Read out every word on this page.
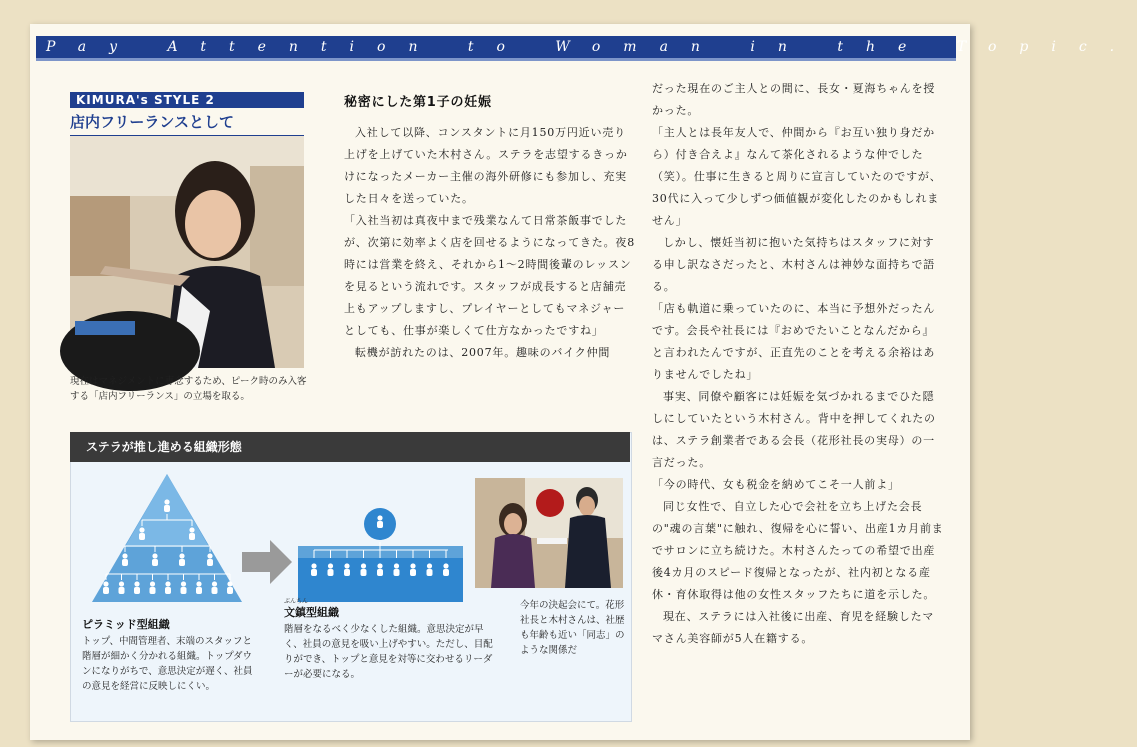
Pay Attention to Woman in the Topic.
KIMURA's STYLE 2
店内フリーランスとして
現在はマネジメントに専念するため、ピーク時のみ入客する「店内フリーランス」の立場を取る。
秘密にした第1子の妊娠

入社して以降、コンスタントに月150万円近い売り上げを上げていた木村さん。ステラを志望するきっかけになったメーカー主催の海外研修にも参加し、充実した日々を送っていた。

「入社当初は真夜中まで残業なんて日常茶飯事でしたが、次第に効率よく店を回せるようになってきた。夜8時には営業を終え、それから1～2時間後輩のレッスンを見るという流れです。スタッフが成長すると店舗売上もアップしますし、プレイヤーとしてもマネジャーとしても、仕事が楽しくて仕方なかったですね」

転機が訪れたのは、2007年。趣味のバイク仲間

だった現在のご主人との間に、長女・夏海ちゃんを授かった。

「主人とは長年友人で、仲間から『お互い独り身だから）付き合えよ』なんて茶化されるような仲でした（笑）。仕事に生きると周りに宣言していたのですが、30代に入って少しずつ価値観が変化したのかもしれません」

しかし、懐妊当初に抱いた気持ちはスタッフに対する申し訳なさだったと、木村さんは神妙な面持ちで語る。

「店も軌道に乗っていたのに、本当に予想外だったんです。会長や社長には『おめでたいことなんだから』と言われたんですが、正直先のことを考える余裕はありませんでしたね」

事実、同僚や顧客には妊娠を気づかれるまでひた隠しにしていたという木村さん。背中を押してくれたのは、ステラ創業者である会長（花形社長の実母）の一言だった。

「今の時代、女も税金を納めてこそ一人前よ」

同じ女性で、自立した心で会社を立ち上げた会長の"魂の言葉"に触れ、復帰を心に誓い、出産1カ月前までサロンに立ち続けた。木村さんたっての希望で出産後4カ月のスピード復帰となったが、社内初となる産休・育休取得は他の女性スタッフたちに道を示した。

現在、ステラには入社後に出産、育児を経験したママさん美容師が5人在籍する。

ステラが推し進める組織形態
ピラミッド型組織
トップ、中間管理者、末端のスタッフと階層が細かく分かれる組織。トップダウンになりがちで、意思決定が遅く、社員の意見を経営に反映しにくい。
ぶんちん
文鎮型組織
階層をなるべく少なくした組織。意思決定が早く、社員の意見を吸い上げやすい。ただし、目配りができ、トップと意見を対等に交わせるリーダーが必要になる。
今年の決起会にて。花形社長と木村さんは、社歴も年齢も近い「同志」のような関係だ
